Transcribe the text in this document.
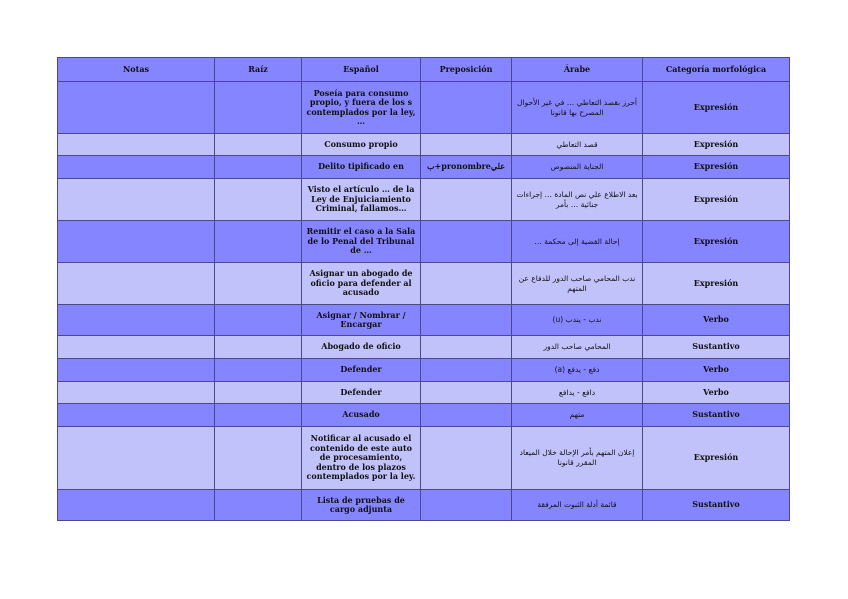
Notas	Raíz	Español	Preposición	Árabe	Categoría morfológica
		Poseía para consumo propio, y fuera de los s contemplados por la ley, …		أحرز بقصد التعاطي … في غير الأحوال المصرح بها قانونا	Expresión
		Consumo propio		قصد التعاطي	Expresión
		Delito tipificado en	ب+pronombreعلي	الجناية المنصوص	Expresión
		Visto el artículo … de la Ley de Enjuiciamiento Criminal, fallamos…		بعد الاطلاع علي نص المادة … إجراءات جنائية … بأمر	Expresión
		Remitir el caso a la Sala de lo Penal del Tribunal de …		إحالة القضية إلى محكمة …	Expresión
		Asignar un abogado de oficio para defender al acusado		ندب المحامي صاحب الدور للدفاع عن المتهم	Expresión
		Asignar / Nombrar / Encargar		ندب - يندب (u)	Verbo
		Abogado de oficio		المحامي صاحب الدور	Sustantivo
		Defender		دفع - يدفع (a)	Verbo
		Defender		دافع - يدافع	Verbo
		Acusado		متهم	Sustantivo
		Notificar al acusado el contenido de este auto de procesamiento, dentro de los plazos contemplados por la ley.		إعلان المتهم بأمر الإحالة خلال الميعاد المقرر قانونا	Expresión
		Lista de pruebas de cargo adjunta		قائمة أدلة الثبوت المرفقة	Sustantivo
